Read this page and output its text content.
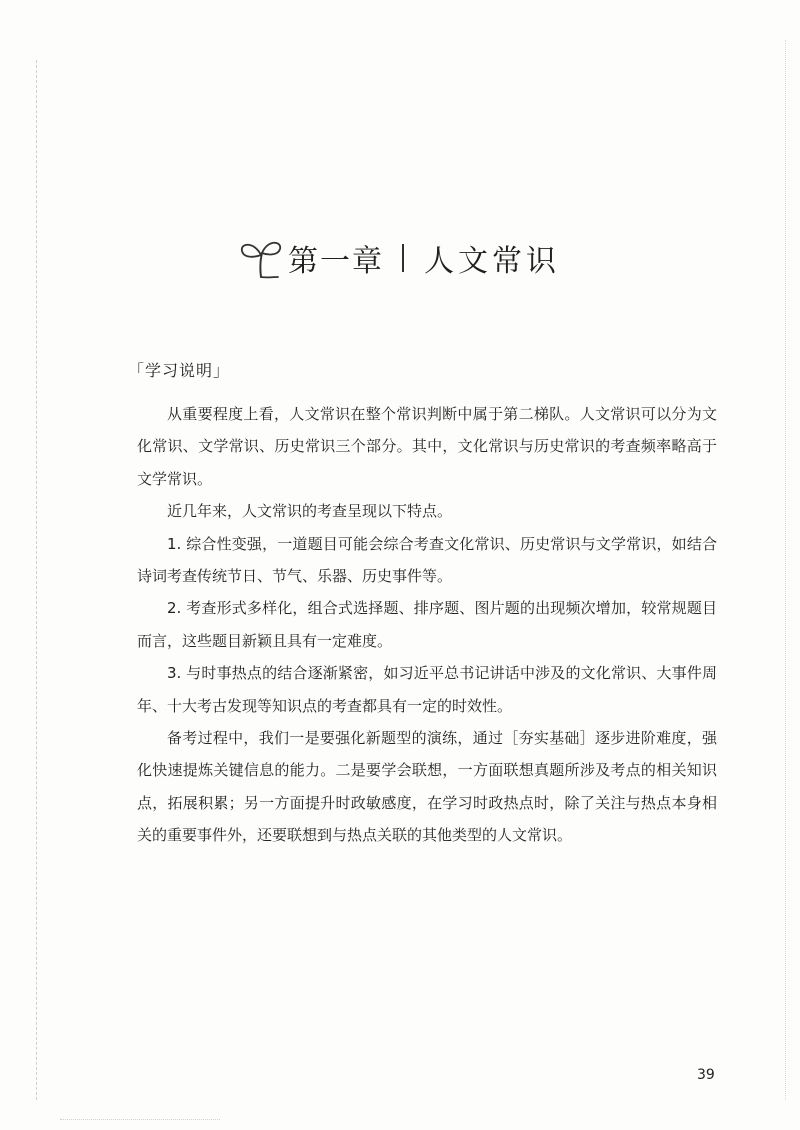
第一章 人文常识
「学习说明」

从重要程度上看，人文常识在整个常识判断中属于第二梯队。人文常识可以分为文化常识、文学常识、历史常识三个部分。其中，文化常识与历史常识的考查频率略高于文学常识。

近几年来，人文常识的考查呈现以下特点。

1. 综合性变强，一道题目可能会综合考查文化常识、历史常识与文学常识，如结合诗词考查传统节日、节气、乐器、历史事件等。

2. 考查形式多样化，组合式选择题、排序题、图片题的出现频次增加，较常规题目而言，这些题目新颖且具有一定难度。

3. 与时事热点的结合逐渐紧密，如习近平总书记讲话中涉及的文化常识、大事件周年、十大考古发现等知识点的考查都具有一定的时效性。

备考过程中，我们一是要强化新题型的演练，通过［夯实基础］逐步进阶难度，强化快速提炼关键信息的能力。二是要学会联想，一方面联想真题所涉及考点的相关知识点，拓展积累；另一方面提升时政敏感度，在学习时政热点时，除了关注与热点本身相关的重要事件外，还要联想到与热点关联的其他类型的人文常识。

39
